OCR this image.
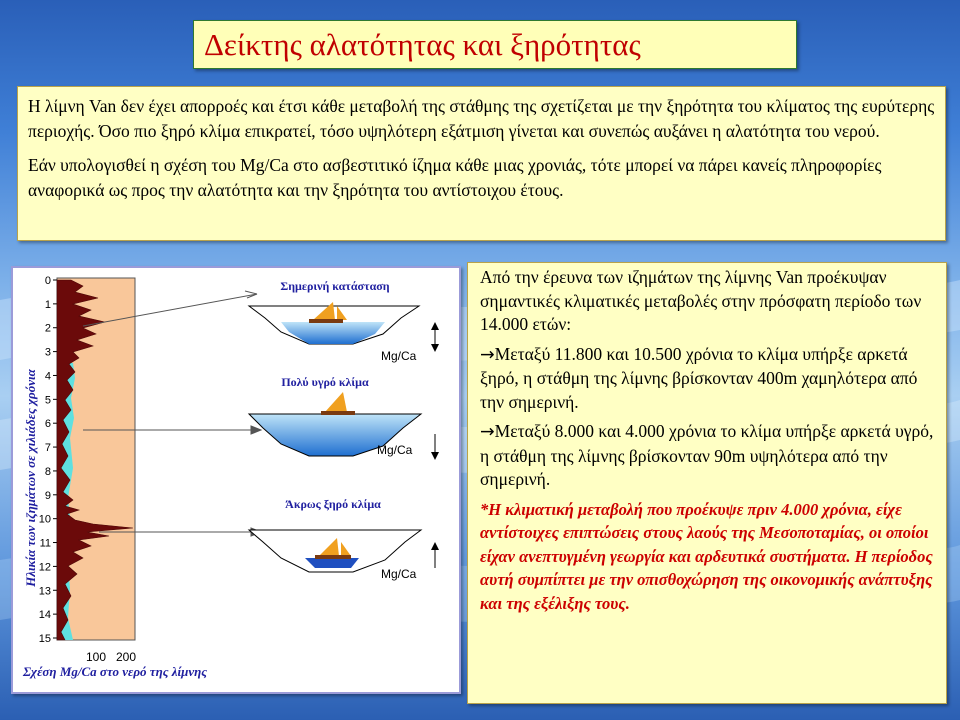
Δείκτης αλατότητας και ξηρότητας

Η λίμνη Van δεν έχει απορροές και έτσι κάθε μεταβολή της στάθμης της σχετίζεται με την ξηρότητα του κλίματος της ευρύτερης περιοχής. Όσο πιο ξηρό κλίμα επικρατεί, τόσο υψηλότερη εξάτμιση γίνεται και συνεπώς αυξάνει η αλατότητα του νερού.

Εάν υπολογισθεί η σχέση του Mg/Ca στο ασβεστιτικό ίζημα κάθε μιας χρονιάς, τότε μπορεί να πάρει κανείς πληροφορίες αναφορικά ως προς την αλατότητα και την ξηρότητα του αντίστοιχου έτους.

Ηλικία των ιζημάτων σε χιλιάδες χρόνια
0
1
2
3
4
5
6
7
8
9
10
11
12
13
14
15
100 200
Σχέση Mg/Ca στο νερό της λίμνης
Σημερινή κατάσταση
Mg/Ca
Πολύ υγρό κλίμα
Mg/Ca
Άκρως ξηρό κλίμα
Mg/Ca

Από την έρευνα των ιζημάτων της λίμνης Van προέκυψαν σημαντικές κλιματικές μεταβολές στην πρόσφατη περίοδο των 14.000 ετών:

→Μεταξύ 11.800 και 10.500 χρόνια το κλίμα υπήρξε αρκετά ξηρό, η στάθμη της λίμνης βρίσκονταν 400m χαμηλότερα από την σημερινή.

→Μεταξύ 8.000 και 4.000 χρόνια το κλίμα υπήρξε αρκετά υγρό, η στάθμη της λίμνης βρίσκονταν 90m υψηλότερα από την σημερινή.

*Η κλιματική μεταβολή που προέκυψε πριν 4.000 χρόνια, είχε αντίστοιχες επιπτώσεις στους λαούς της Μεσοποταμίας, οι οποίοι είχαν ανεπτυγμένη γεωργία και αρδευτικά συστήματα. Η περίοδος αυτή συμπίπτει με την οπισθοχώρηση της οικονομικής ανάπτυξης και της εξέλιξης τους.
